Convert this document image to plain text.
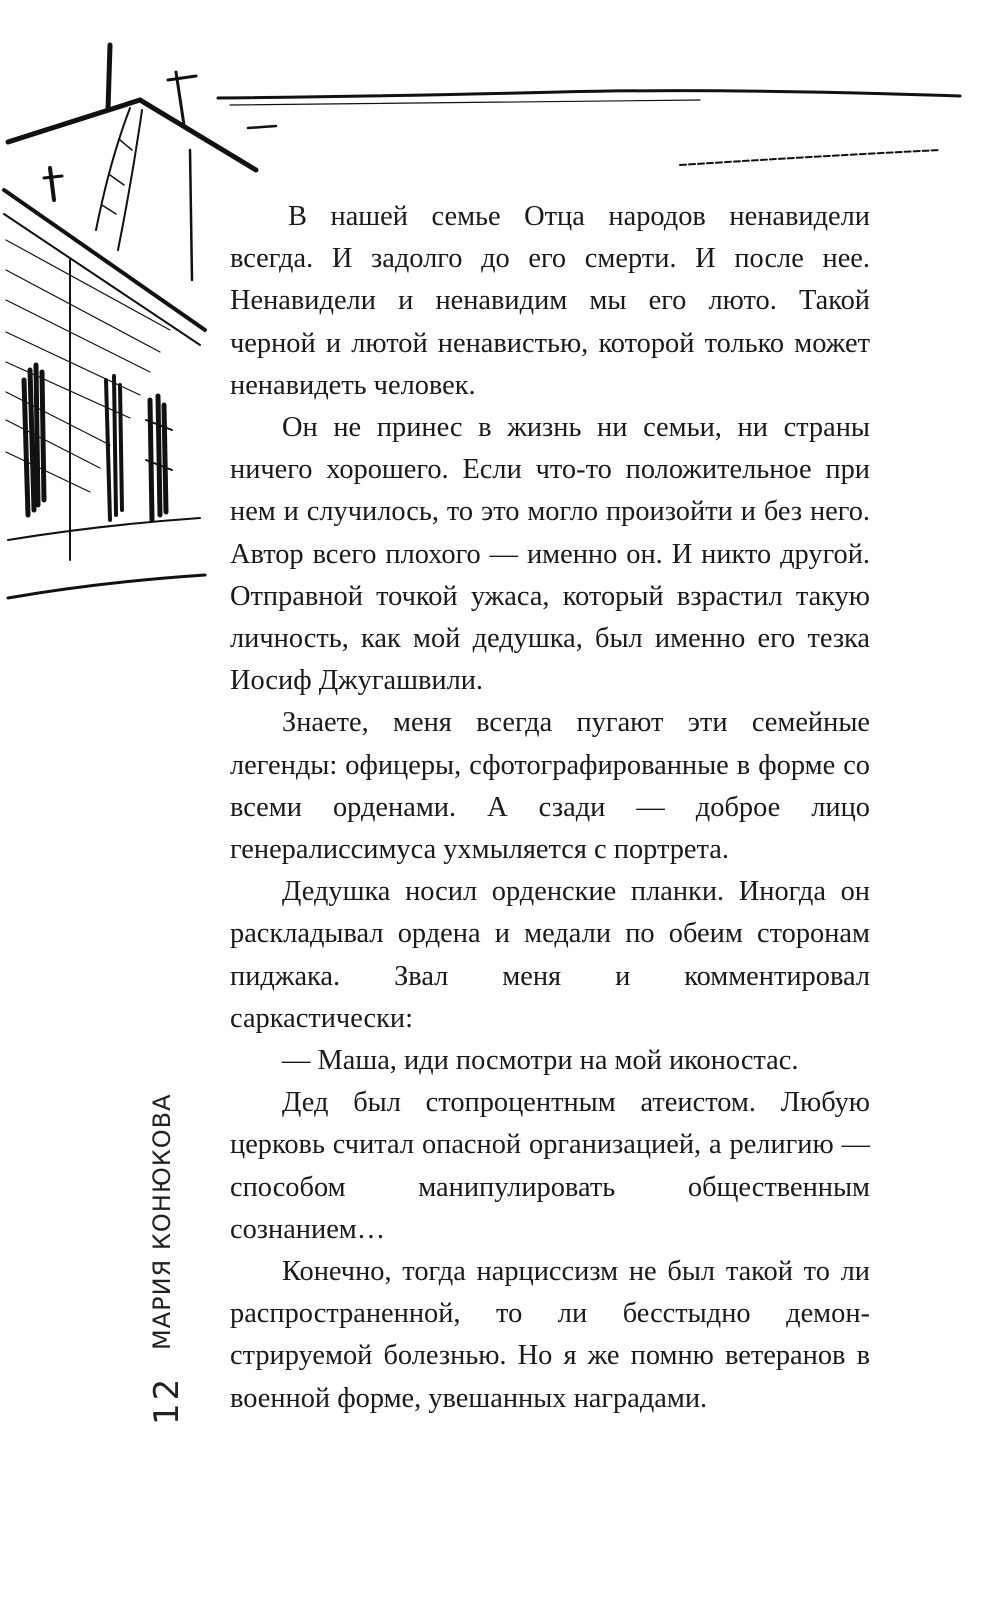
В нашей семье Отца народов ненавидели всегда. И задолго до его смерти. И после нее. Ненавидели и ненавидим мы его люто. Такой черной и лютой ненавистью, которой только может ненавидеть человек.

Он не принес в жизнь ни семьи, ни страны ничего хорошего. Если что-то положительное при нем и случилось, то это могло произойти и без него. Автор всего плохого — именно он. И никто другой. Отправной точкой ужаса, который взрастил такую личность, как мой дедушка, был именно его тезка Иосиф Джугашвили.

Знаете, меня всегда пугают эти семейные легенды: офицеры, сфотографированные в форме со всеми орденами. А сзади — доброе лицо генералиссимуса ухмыляется с портрета.

Дедушка носил орденские планки. Иногда он раскладывал ордена и медали по обеим сторонам пиджака. Звал меня и комментировал саркастически:

— Маша, иди посмотри на мой иконостас.

Дед был стопроцентным атеистом. Любую церковь считал опасной организацией, а религию — способом манипулировать общественным сознанием…

Конечно, тогда нарциссизм не был такой то ли распространенной, то ли бесстыдно демонстрируемой болезнью. Но я же помню ветеранов в военной форме, увешанных наградами.

МАРИЯ КОНЮКОВА
12
